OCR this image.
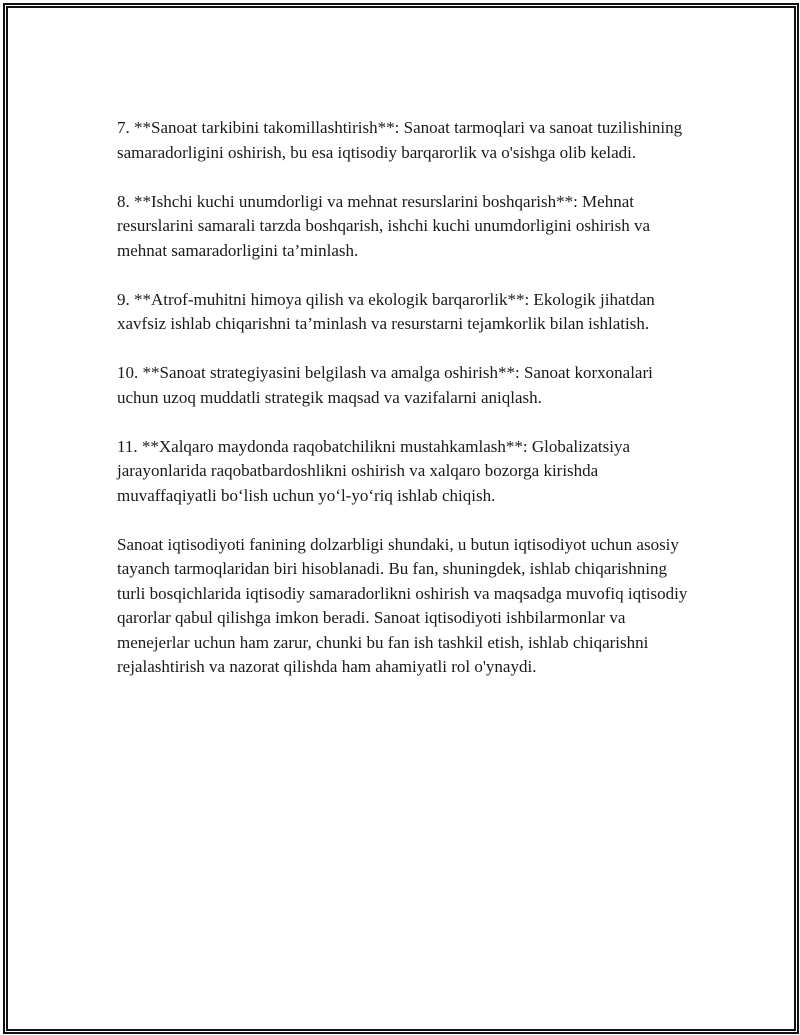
7. **Sanoat tarkibini takomillashtirish**: Sanoat tarmoqlari va sanoat tuzilishining samaradorligini oshirish, bu esa iqtisodiy barqarorlik va o'sishga olib keladi.

8. **Ishchi kuchi unumdorligi va mehnat resurslarini boshqarish**: Mehnat resurslarini samarali tarzda boshqarish, ishchi kuchi unumdorligini oshirish va mehnat samaradorligini ta’minlash.

9. **Atrof-muhitni himoya qilish va ekologik barqarorlik**: Ekologik jihatdan xavfsiz ishlab chiqarishni ta’minlash va resurstarni tejamkorlik bilan ishlatish.

10. **Sanoat strategiyasini belgilash va amalga oshirish**: Sanoat korxonalari uchun uzoq muddatli strategik maqsad va vazifalarni aniqlash.

11. **Xalqaro maydonda raqobatchilikni mustahkamlash**: Globalizatsiya jarayonlarida raqobatbardoshlikni oshirish va xalqaro bozorga kirishda muvaffaqiyatli bo‘lish uchun yo‘l-yo‘riq ishlab chiqish.

Sanoat iqtisodiyoti fanining dolzarbligi shundaki, u butun iqtisodiyot uchun asosiy tayanch tarmoqlaridan biri hisoblanadi. Bu fan, shuningdek, ishlab chiqarishning turli bosqichlarida iqtisodiy samaradorlikni oshirish va maqsadga muvofiq iqtisodiy qarorlar qabul qilishga imkon beradi. Sanoat iqtisodiyoti ishbilarmonlar va menejerlar uchun ham zarur, chunki bu fan ish tashkil etish, ishlab chiqarishni rejalashtirish va nazorat qilishda ham ahamiyatli rol o'ynaydi.
